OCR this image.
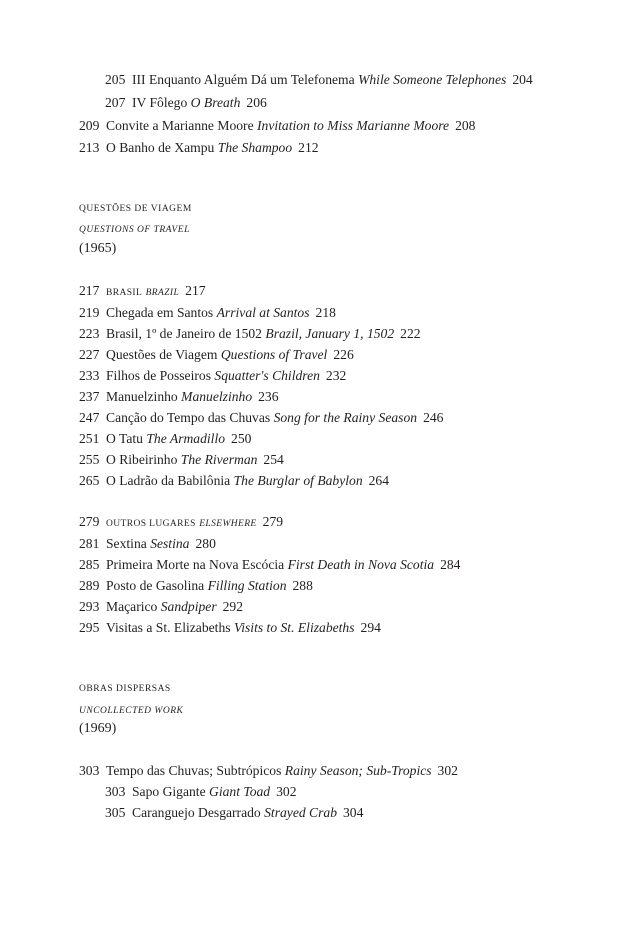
205 III Enquanto Alguém Dá um Telefonema While Someone Telephones 204
207 IV Fôlego O Breath 206
209 Convite a Marianne Moore Invitation to Miss Marianne Moore 208
213 O Banho de Xampu The Shampoo 212
QUESTÕES DE VIAGEM
QUESTIONS OF TRAVEL
(1965)
217 BRASIL BRAZIL 217
219 Chegada em Santos Arrival at Santos 218
223 Brasil, 1º de Janeiro de 1502 Brazil, January 1, 1502 222
227 Questões de Viagem Questions of Travel 226
233 Filhos de Posseiros Squatter's Children 232
237 Manuelzinho Manuelzinho 236
247 Canção do Tempo das Chuvas Song for the Rainy Season 246
251 O Tatu The Armadillo 250
255 O Ribeirinho The Riverman 254
265 O Ladrão da Babilônia The Burglar of Babylon 264
279 OUTROS LUGARES ELSEWHERE 279
281 Sextina Sestina 280
285 Primeira Morte na Nova Escócia First Death in Nova Scotia 284
289 Posto de Gasolina Filling Station 288
293 Maçarico Sandpiper 292
295 Visitas a St. Elizabeths Visits to St. Elizabeths 294
OBRAS DISPERSAS
UNCOLLECTED WORK
(1969)
303 Tempo das Chuvas; Subtrópicos Rainy Season; Sub-Tropics 302
303 Sapo Gigante Giant Toad 302
305 Caranguejo Desgarrado Strayed Crab 304
